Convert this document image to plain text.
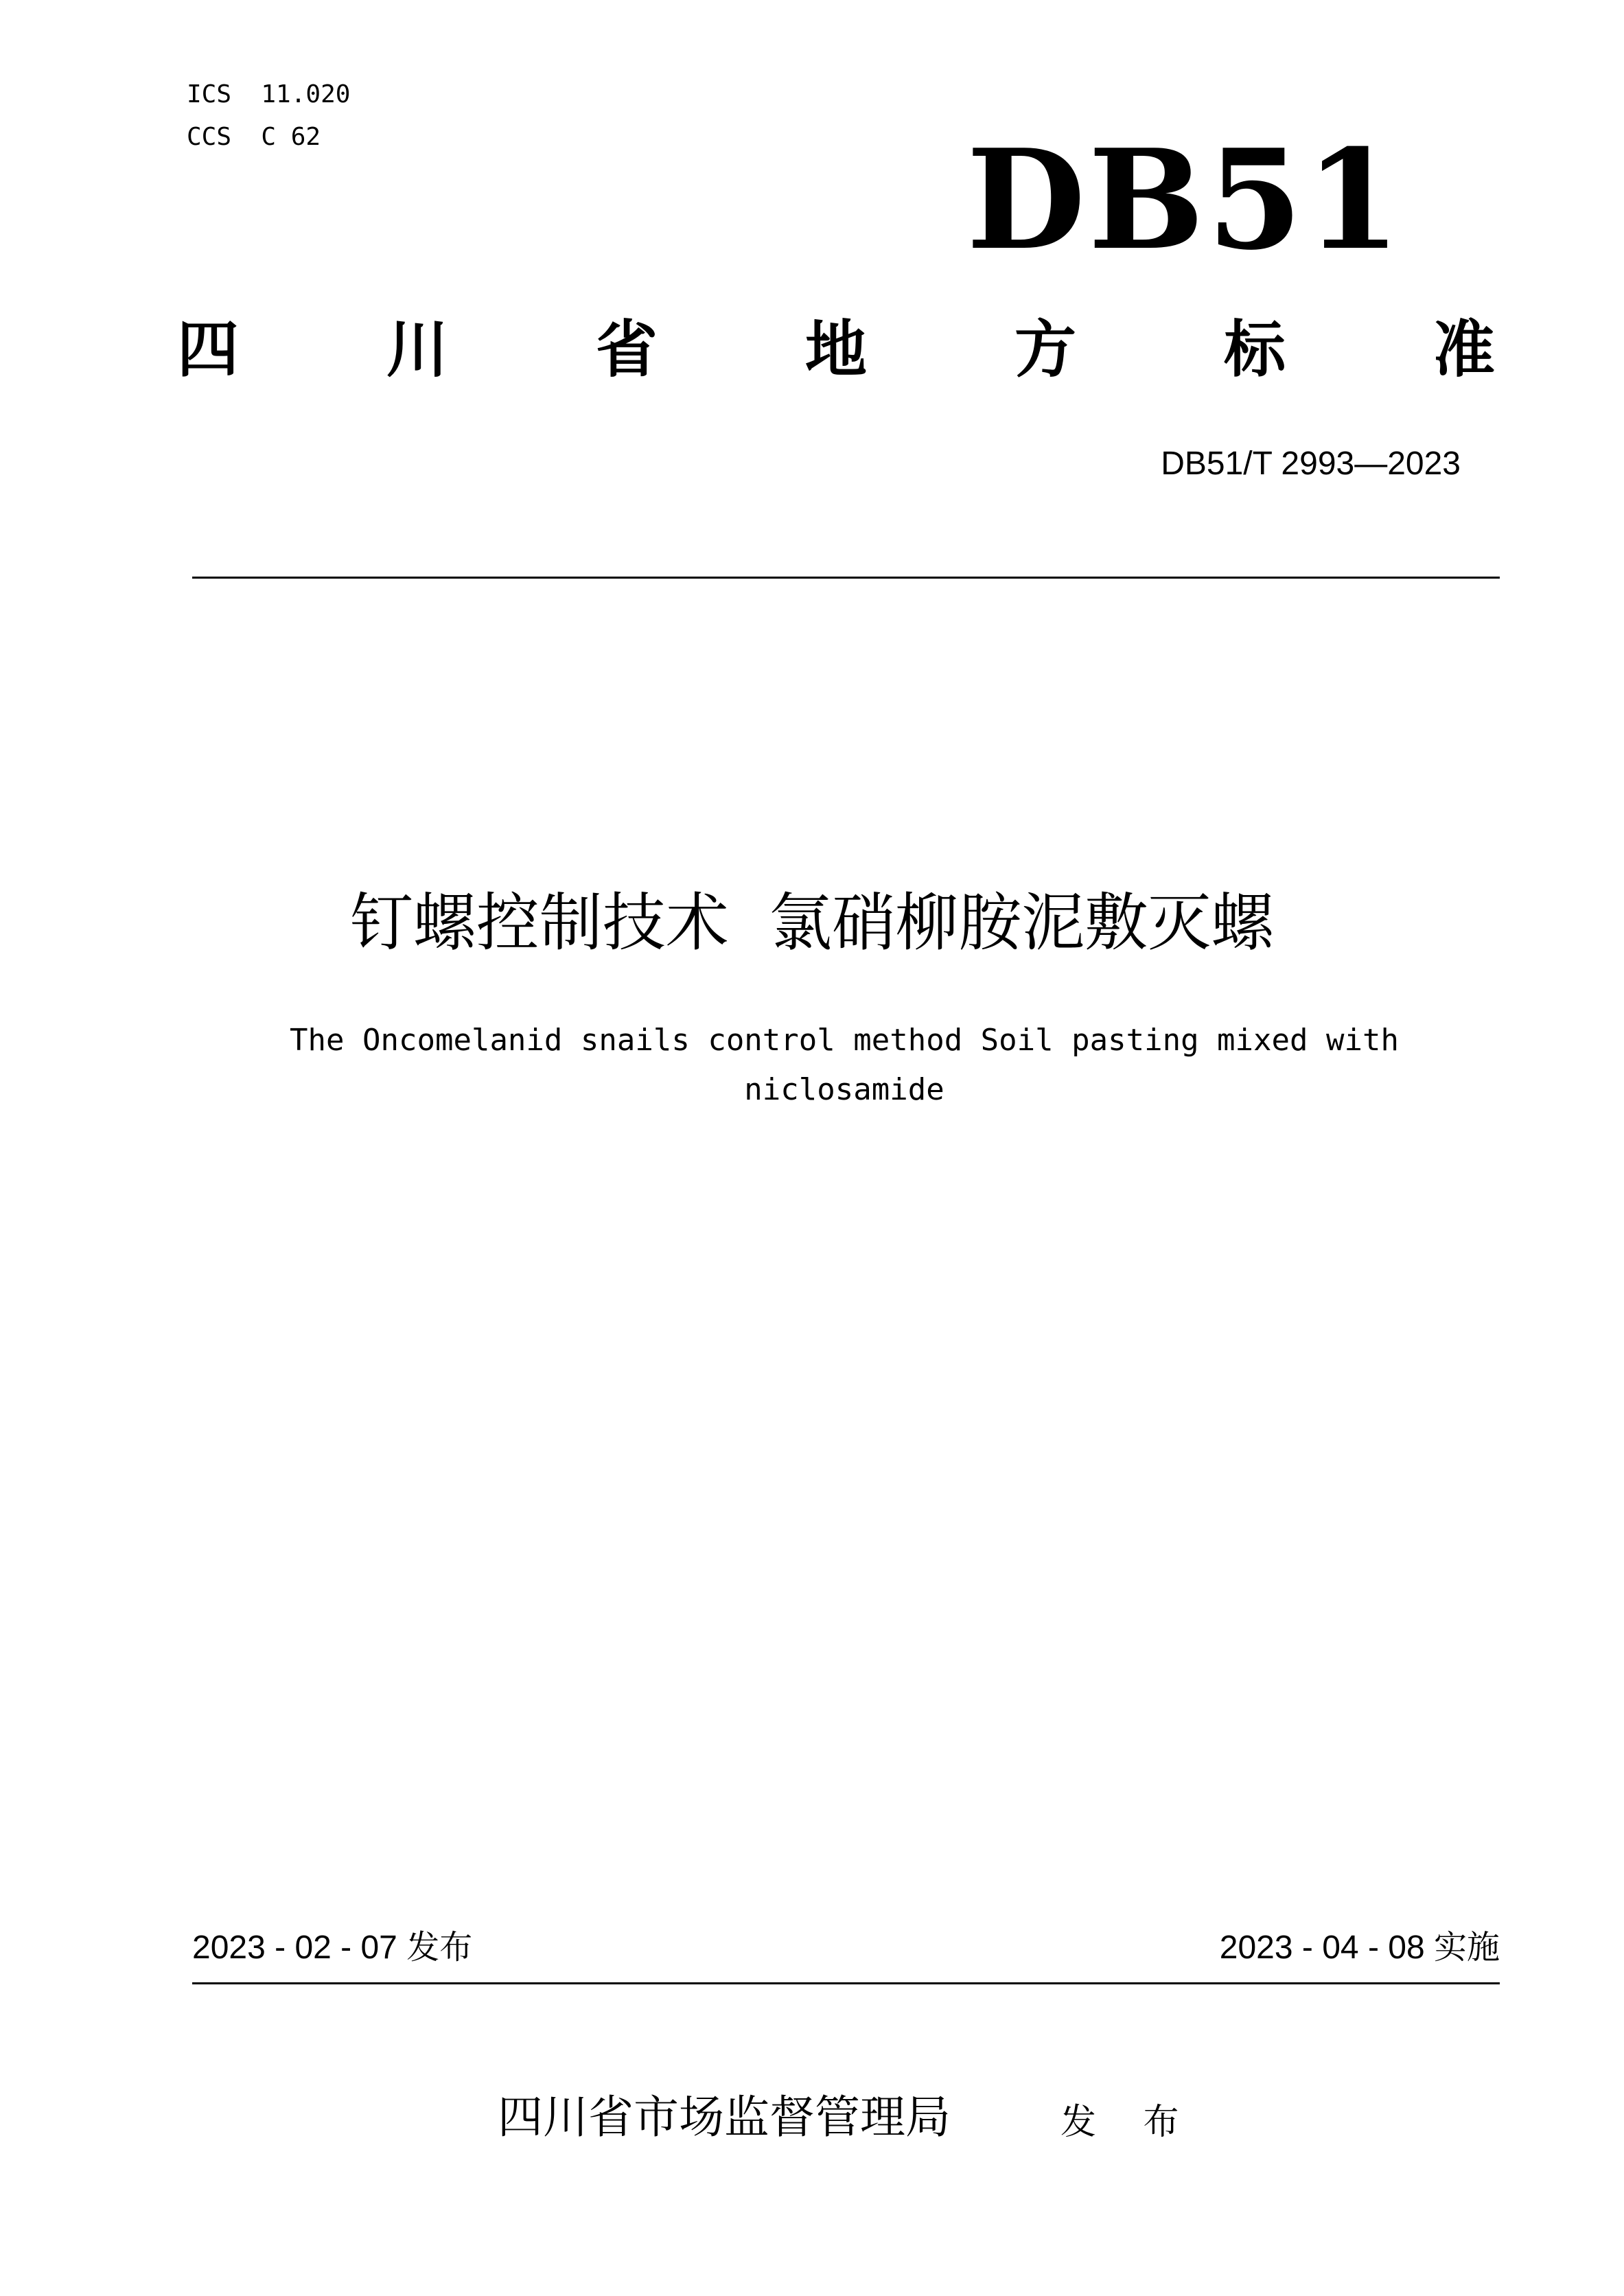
ICS  11.020
CCS  C 62	DB51
四 川 省 地 方 标 准
DB51/T 2993—2023
钉螺控制技术  氯硝柳胺泥敷灭螺
The Oncomelanid snails control method Soil pasting mixed with niclosamide
2023 - 02 - 07 发布	2023 - 04 - 08 实施
四川省市场监督管理局	发 布
